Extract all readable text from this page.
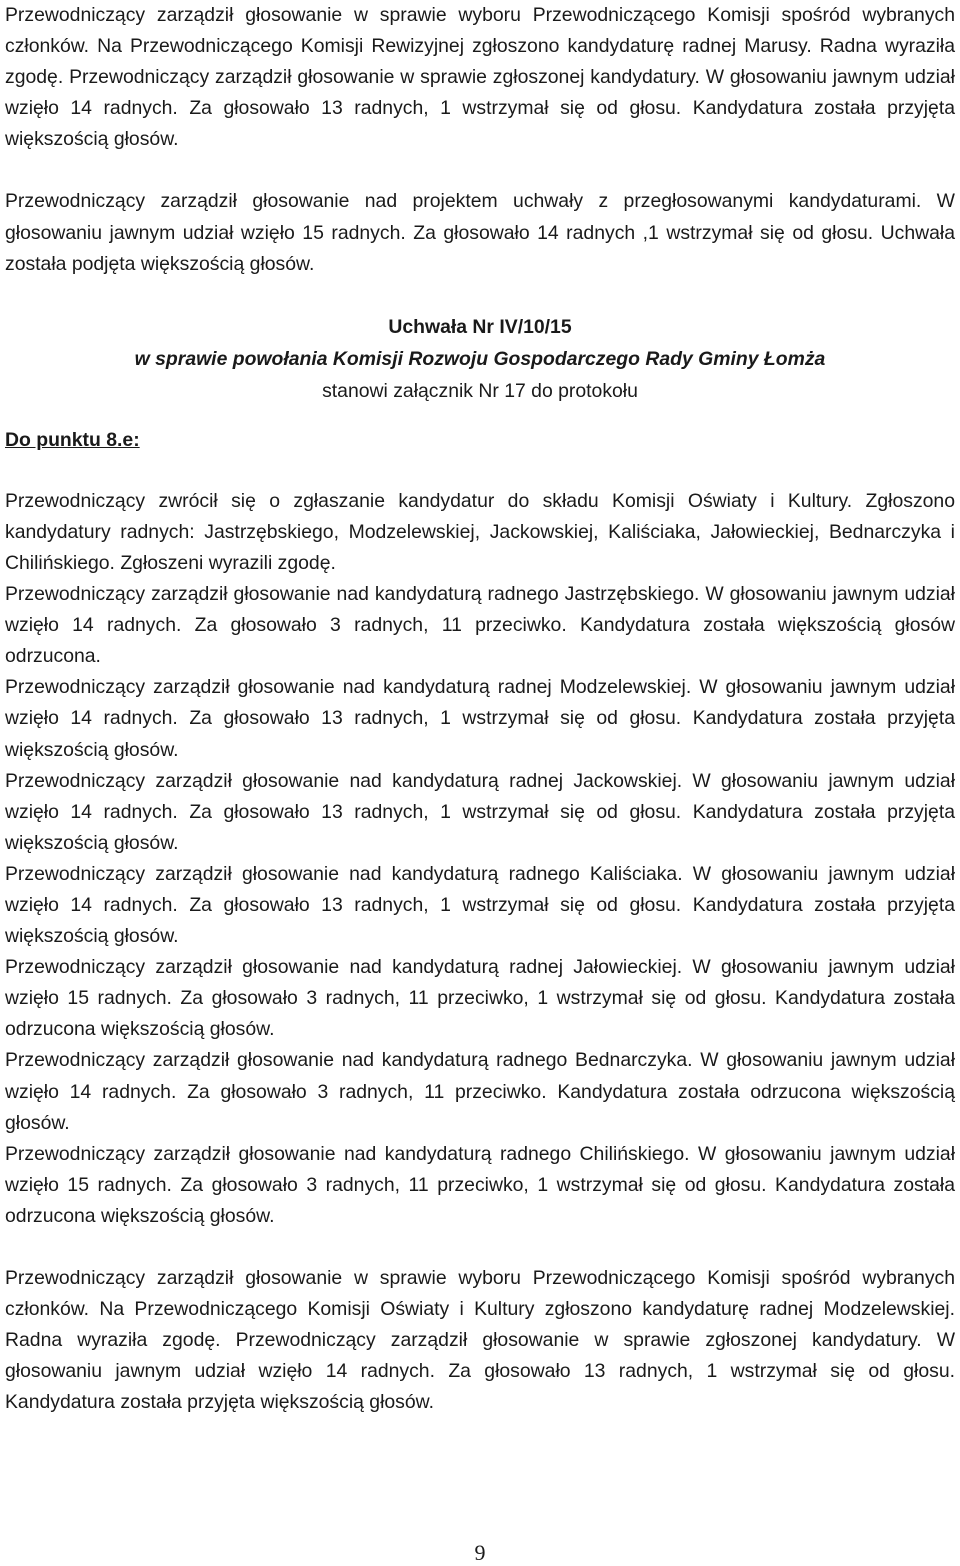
Przewodniczący zarządził głosowanie w sprawie wyboru Przewodniczącego Komisji spośród wybranych członków. Na Przewodniczącego Komisji Rewizyjnej zgłoszono kandydaturę radnej Marusy. Radna wyraziła zgodę. Przewodniczący zarządził głosowanie w sprawie zgłoszonej kandydatury. W głosowaniu jawnym udział wzięło 14 radnych. Za głosowało 13 radnych, 1 wstrzymał się od głosu. Kandydatura została przyjęta większością głosów.

Przewodniczący zarządził głosowanie nad projektem uchwały z przegłosowanymi kandydaturami. W głosowaniu jawnym udział wzięło 15 radnych. Za głosowało 14 radnych ,1 wstrzymał się od głosu. Uchwała została podjęta większością głosów.

Uchwała Nr IV/10/15
w sprawie powołania Komisji Rozwoju Gospodarczego Rady Gminy Łomża
stanowi załącznik Nr 17 do protokołu
Do punktu 8.e:

Przewodniczący zwrócił się o zgłaszanie kandydatur do składu Komisji Oświaty i Kultury. Zgłoszono kandydatury radnych: Jastrzębskiego, Modzelewskiej, Jackowskiej, Kaliściaka, Jałowieckiej, Bednarczyka i Chilińskiego. Zgłoszeni wyrazili zgodę.

Przewodniczący zarządził głosowanie nad kandydaturą radnego Jastrzębskiego. W głosowaniu jawnym udział wzięło 14 radnych. Za głosowało 3 radnych, 11 przeciwko. Kandydatura została większością głosów odrzucona.

Przewodniczący zarządził głosowanie nad kandydaturą radnej Modzelewskiej. W głosowaniu jawnym udział wzięło 14 radnych. Za głosowało 13 radnych, 1 wstrzymał się od głosu. Kandydatura została przyjęta większością głosów.

Przewodniczący zarządził głosowanie nad kandydaturą radnej Jackowskiej. W głosowaniu jawnym udział wzięło 14 radnych. Za głosowało 13 radnych, 1 wstrzymał się od głosu. Kandydatura została przyjęta większością głosów.

Przewodniczący zarządził głosowanie nad kandydaturą radnego Kaliściaka. W głosowaniu jawnym udział wzięło 14 radnych. Za głosowało 13 radnych, 1 wstrzymał się od głosu. Kandydatura została przyjęta większością głosów.

Przewodniczący zarządził głosowanie nad kandydaturą radnej Jałowieckiej. W głosowaniu jawnym udział wzięło 15 radnych. Za głosowało 3 radnych, 11 przeciwko, 1 wstrzymał się od głosu. Kandydatura została odrzucona większością głosów.

Przewodniczący zarządził głosowanie nad kandydaturą radnego Bednarczyka. W głosowaniu jawnym udział wzięło 14 radnych. Za głosowało 3 radnych, 11 przeciwko. Kandydatura została odrzucona większością głosów.

Przewodniczący zarządził głosowanie nad kandydaturą radnego Chilińskiego. W głosowaniu jawnym udział wzięło 15 radnych. Za głosowało 3 radnych, 11 przeciwko, 1 wstrzymał się od głosu. Kandydatura została odrzucona większością głosów.

Przewodniczący zarządził głosowanie w sprawie wyboru Przewodniczącego Komisji spośród wybranych członków. Na Przewodniczącego Komisji Oświaty i Kultury zgłoszono kandydaturę radnej Modzelewskiej. Radna wyraziła zgodę. Przewodniczący zarządził głosowanie w sprawie zgłoszonej kandydatury. W głosowaniu jawnym udział wzięło 14 radnych. Za głosowało 13 radnych, 1 wstrzymał się od głosu. Kandydatura została przyjęta większością głosów.

9
